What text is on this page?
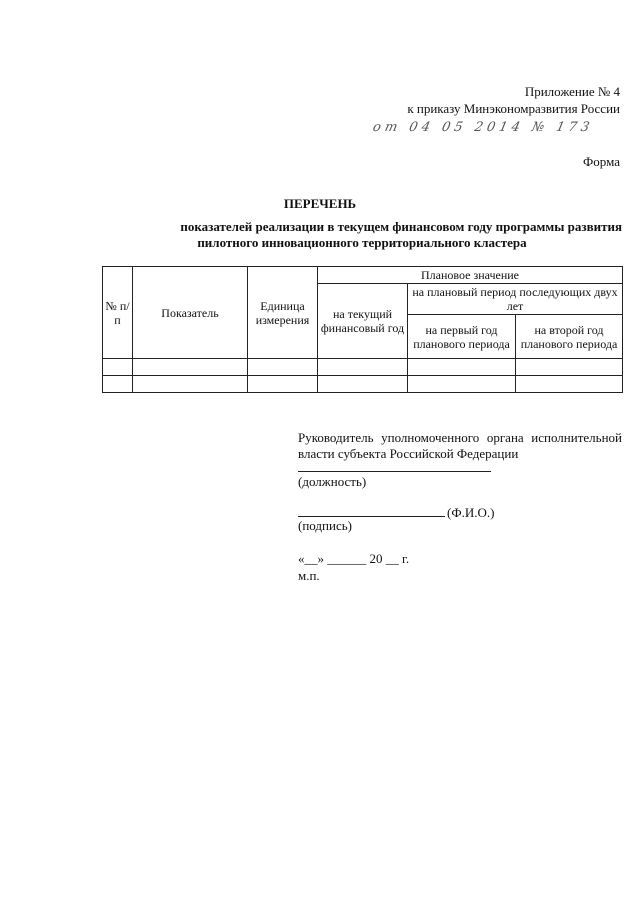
Приложение № 4
к приказу Минэкономразвития России
от 04 05 2014 № 173
Форма
ПЕРЕЧЕНЬ
показателей реализации в текущем финансовом году программы развития
пилотного инновационного территориального кластера
№ п/п	Показатель	Единица измерения	Плановое значение		
			на текущий финансовый год	на плановый период последующих двух лет	
				на первый год планового периода	на второй год планового периода

Руководитель уполномоченного органа исполнительной власти субъекта Российской Федерации
(должность)
(Ф.И.О.)
(подпись)
«__» ______ 20 __ г.
м.п.
